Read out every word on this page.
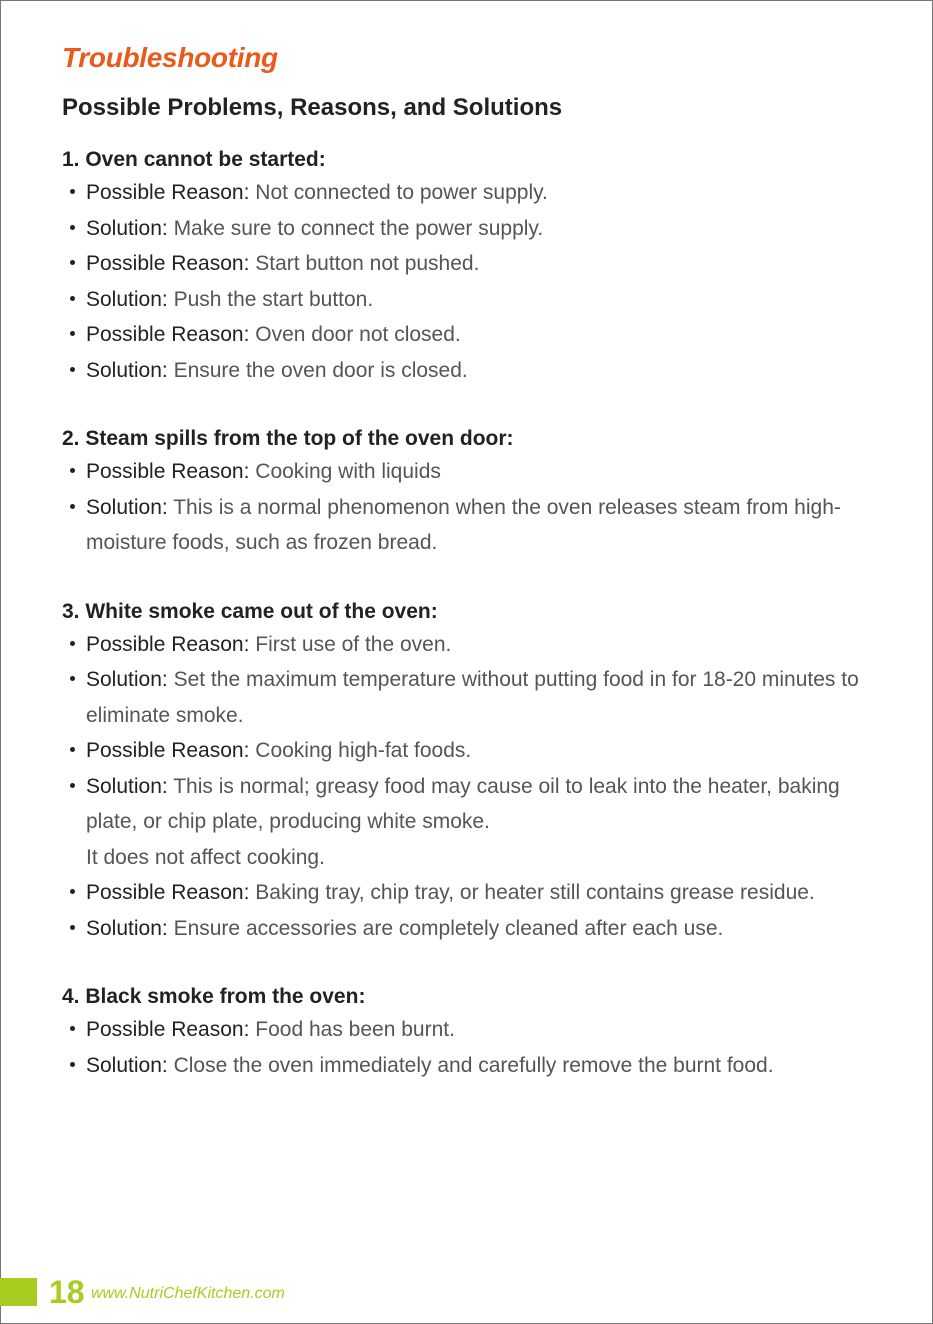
Troubleshooting
Possible Problems, Reasons, and Solutions
1. Oven cannot be started:
Possible Reason: Not connected to power supply.
Solution: Make sure to connect the power supply.
Possible Reason: Start button not pushed.
Solution: Push the start button.
Possible Reason: Oven door not closed.
Solution: Ensure the oven door is closed.
2. Steam spills from the top of the oven door:
Possible Reason: Cooking with liquids
Solution: This is a normal phenomenon when the oven releases steam from high-moisture foods, such as frozen bread.
3. White smoke came out of the oven:
Possible Reason: First use of the oven.
Solution: Set the maximum temperature without putting food in for 18-20 minutes to eliminate smoke.
Possible Reason: Cooking high-fat foods.
Solution: This is normal; greasy food may cause oil to leak into the heater, baking plate, or chip plate, producing white smoke.
It does not affect cooking.
Possible Reason: Baking tray, chip tray, or heater still contains grease residue.
Solution: Ensure accessories are completely cleaned after each use.
4. Black smoke from the oven:
Possible Reason: Food has been burnt.
Solution: Close the oven immediately and carefully remove the burnt food.
18 www.NutriChefKitchen.com
